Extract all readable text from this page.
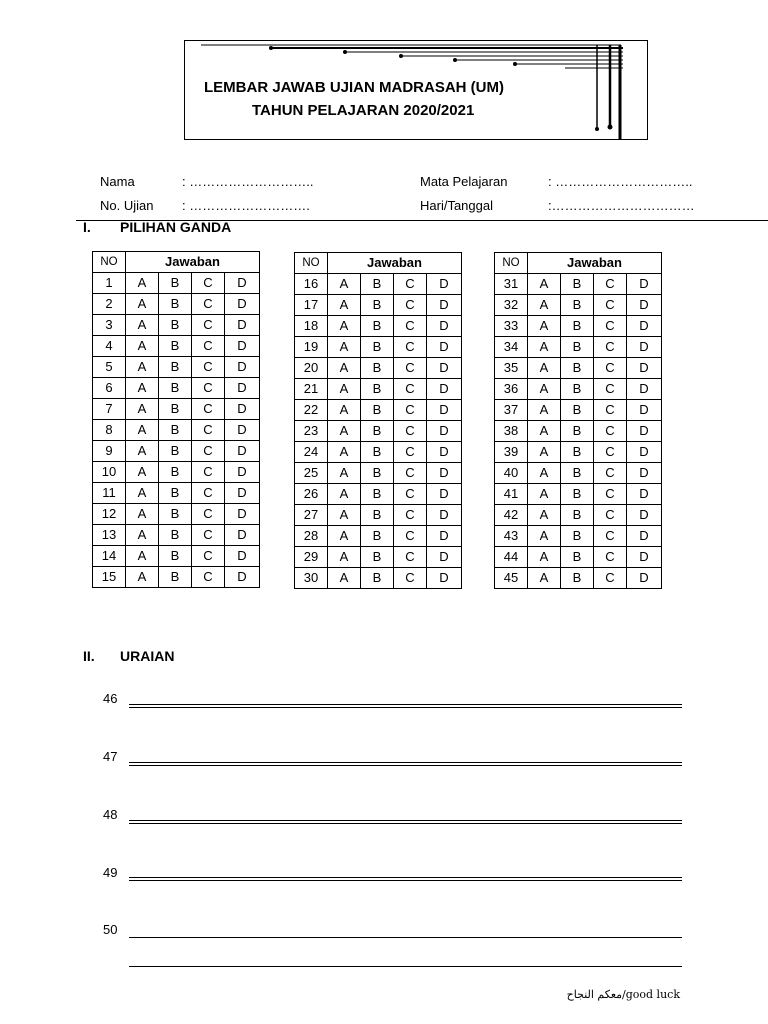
LEMBAR JAWAB UJIAN MADRASAH (UM)
TAHUN PELAJARAN 2020/2021
Nama	: ………………………..	Mata Pelajaran	: …………………………..
No. Ujian : ……………………….	Hari/Tanggal	:……………………………
I. PILIHAN GANDA
NO	Jawaban			
1	A	B	C	D
2	A	B	C	D
3	A	B	C	D
4	A	B	C	D
5	A	B	C	D
6	A	B	C	D
7	A	B	C	D
8	A	B	C	D
9	A	B	C	D
10	A	B	C	D
11	A	B	C	D
12	A	B	C	D
13	A	B	C	D
14	A	B	C	D
15	A	B	C	D
NO	Jawaban			
16	A	B	C	D
17	A	B	C	D
18	A	B	C	D
19	A	B	C	D
20	A	B	C	D
21	A	B	C	D
22	A	B	C	D
23	A	B	C	D
24	A	B	C	D
25	A	B	C	D
26	A	B	C	D
27	A	B	C	D
28	A	B	C	D
29	A	B	C	D
30	A	B	C	D
NO	Jawaban			
31	A	B	C	D
32	A	B	C	D
33	A	B	C	D
34	A	B	C	D
35	A	B	C	D
36	A	B	C	D
37	A	B	C	D
38	A	B	C	D
39	A	B	C	D
40	A	B	C	D
41	A	B	C	D
42	A	B	C	D
43	A	B	C	D
44	A	B	C	D
45	A	B	C	D
II. URAIAN
46
47
48
49
50
معكم النجاح/good luck
